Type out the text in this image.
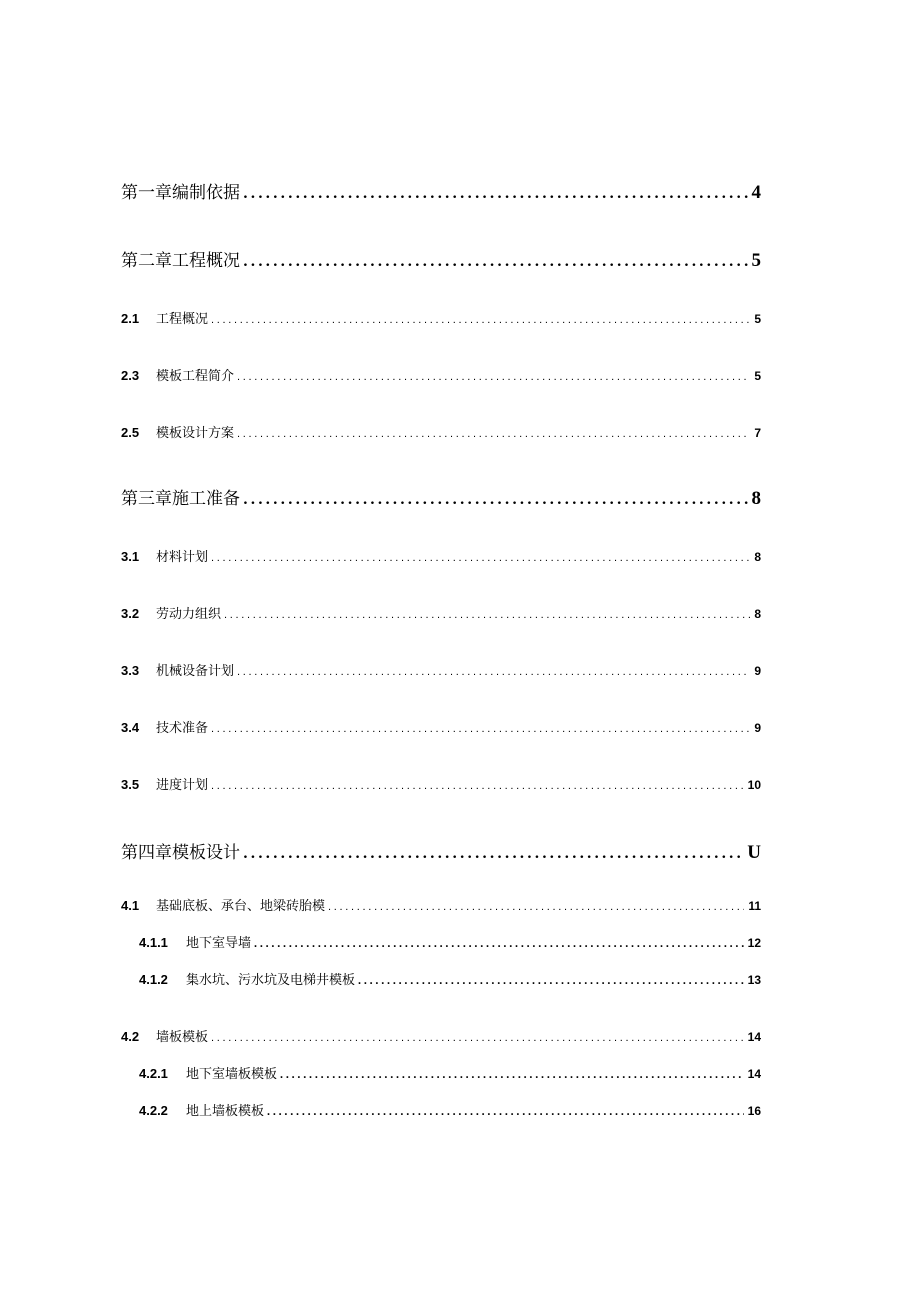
第一章编制依据 .....	4
第二章工程概况 .....	5
2.1	工程概况 .....	5
2.3	模板工程简介 .....	5
2.5	模板设计方案 .....	7
第三章施工准备 .....	8
3.1	材料计划 .....	8
3.2	劳动力组织 .....	8
3.3	机械设备计划 .....	9
3.4	技术准备 .....	9
3.5	进度计划 .....	10
第四章模板设计 .....	U
4.1	基础底板、承台、地梁砖胎模 .....	11
4.1.1	地下室导墙 .....	12
4.1.2	集水坑、污水坑及电梯井模板 .....	13
4.2	墙板模板 .....	14
4.2.1	地下室墙板模板 .....	14
4.2.2	地上墙板模板 .....	16
